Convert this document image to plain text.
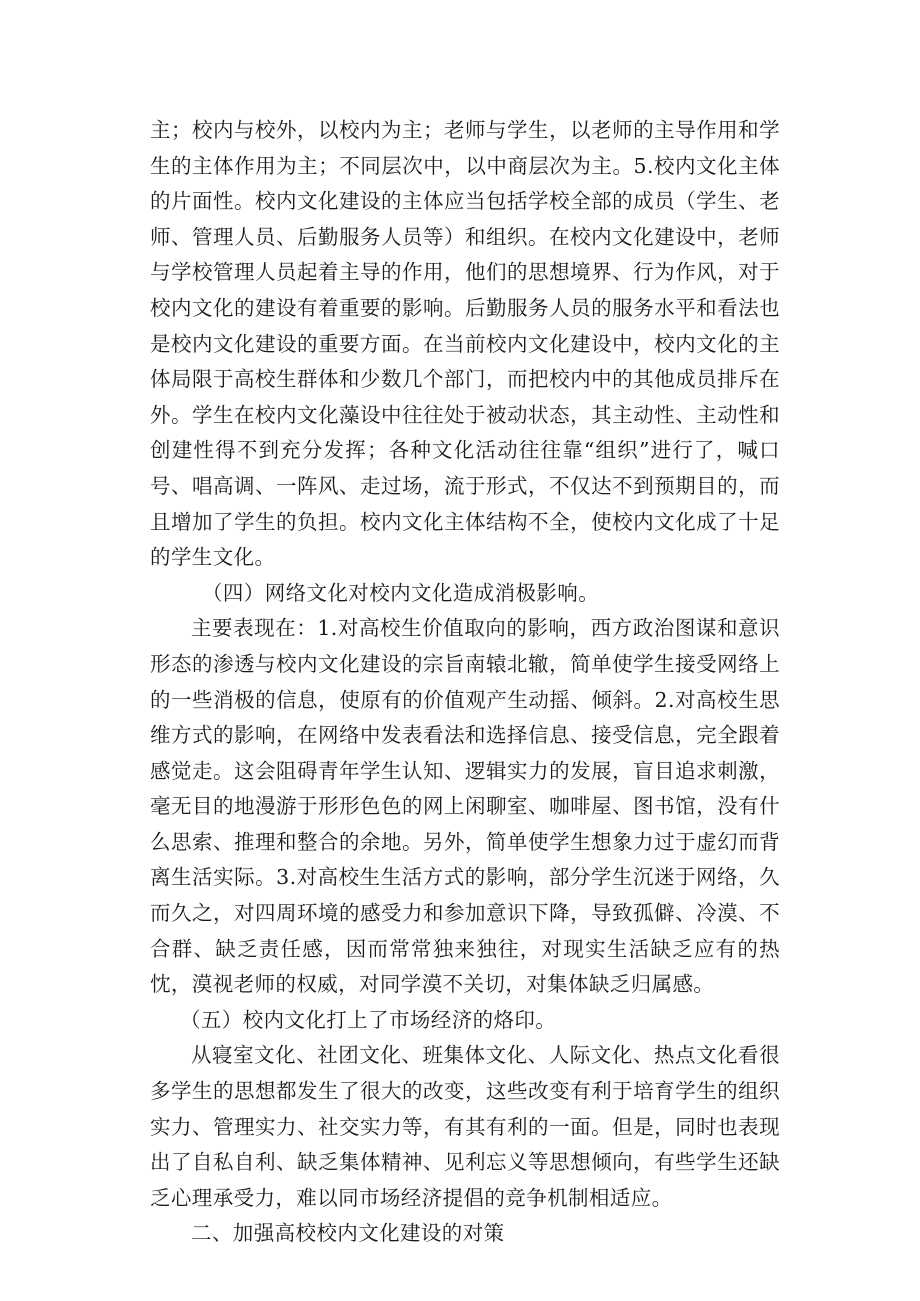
主；校内与校外，以校内为主；老师与学生，以老师的主导作用和学生的主体作用为主；不同层次中，以中商层次为主。5.校内文化主体的片面性。校内文化建设的主体应当包括学校全部的成员（学生、老师、管理人员、后勤服务人员等）和组织。在校内文化建设中，老师与学校管理人员起着主导的作用，他们的思想境界、行为作风，对于校内文化的建设有着重要的影响。后勤服务人员的服务水平和看法也是校内文化建设的重要方面。在当前校内文化建设中，校内文化的主体局限于高校生群体和少数几个部门，而把校内中的其他成员排斥在外。学生在校内文化藻设中往往处于被动状态，其主动性、主动性和创建性得不到充分发挥；各种文化活动往往靠“组织”进行了，喊口号、唱高调、一阵风、走过场，流于形式，不仅达不到预期目的，而且增加了学生的负担。校内文化主体结构不全，使校内文化成了十足的学生文化。

（四）网络文化对校内文化造成消极影响。

主要表现在：1.对高校生价值取向的影响，西方政治图谋和意识形态的渗透与校内文化建设的宗旨南辕北辙，简单使学生接受网络上的一些消极的信息，使原有的价值观产生动摇、倾斜。2.对高校生思维方式的影响，在网络中发表看法和选择信息、接受信息，完全跟着感觉走。这会阻碍青年学生认知、逻辑实力的发展，盲目追求刺激，毫无目的地漫游于形形色色的网上闲聊室、咖啡屋、图书馆，没有什么思索、推理和整合的余地。另外，简单使学生想象力过于虚幻而背离生活实际。3.对高校生生活方式的影响，部分学生沉迷于网络，久而久之，对四周环境的感受力和参加意识下降，导致孤僻、冷漠、不合群、缺乏责任感，因而常常独来独往，对现实生活缺乏应有的热忱，漠视老师的权威，对同学漠不关切，对集体缺乏归属感。

（五）校内文化打上了市场经济的烙印。

从寝室文化、社团文化、班集体文化、人际文化、热点文化看很多学生的思想都发生了很大的改变，这些改变有利于培育学生的组织实力、管理实力、社交实力等，有其有利的一面。但是，同时也表现出了自私自利、缺乏集体精神、见利忘义等思想倾向，有些学生还缺乏心理承受力，难以同市场经济提倡的竞争机制相适应。

二、加强高校校内文化建设的对策
